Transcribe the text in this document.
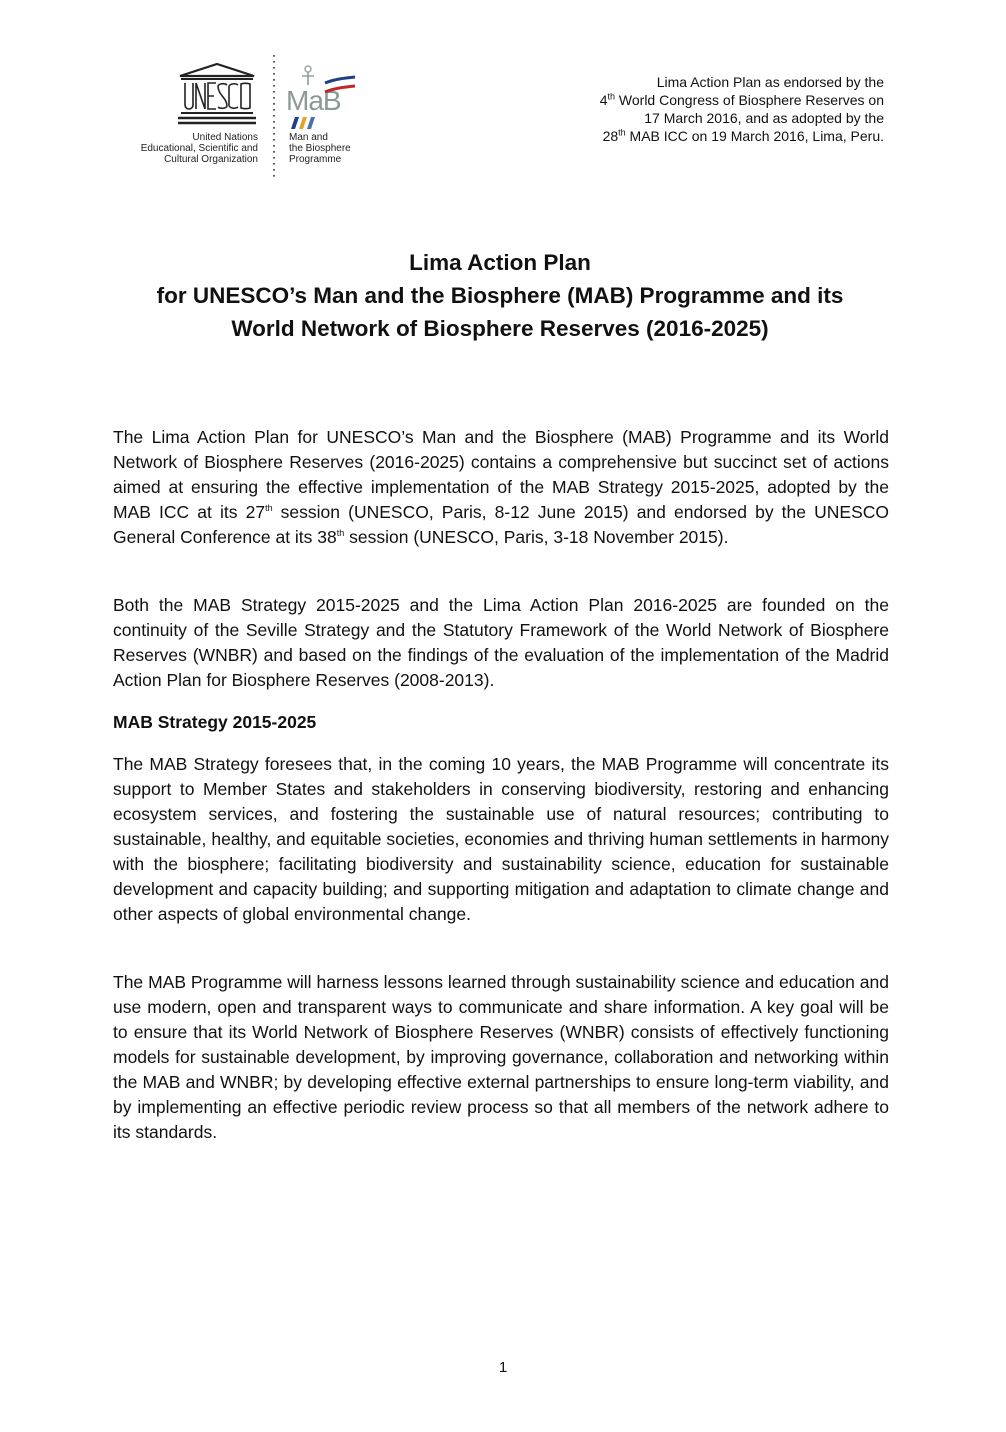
United Nations
Educational, Scientific and
Cultural Organization
MaB
Man and
the Biosphere
Programme
Lima Action Plan as endorsed by the
4th World Congress of Biosphere Reserves on
17 March 2016, and as adopted by the
28th MAB ICC on 19 March 2016, Lima, Peru.
Lima Action Plan
for UNESCO’s Man and the Biosphere (MAB) Programme and its
World Network of Biosphere Reserves (2016-2025)

The Lima Action Plan for UNESCO’s Man and the Biosphere (MAB) Programme and its World Network of Biosphere Reserves (2016-2025) contains a comprehensive but succinct set of actions aimed at ensuring the effective implementation of the MAB Strategy 2015-2025, adopted by the MAB ICC at its 27th session (UNESCO, Paris, 8-12 June 2015) and endorsed by the UNESCO General Conference at its 38th session (UNESCO, Paris, 3-18 November 2015).

Both the MAB Strategy 2015-2025 and the Lima Action Plan 2016-2025 are founded on the continuity of the Seville Strategy and the Statutory Framework of the World Network of Biosphere Reserves (WNBR) and based on the findings of the evaluation of the implementation of the Madrid Action Plan for Biosphere Reserves (2008-2013).

MAB Strategy 2015-2025

The MAB Strategy foresees that, in the coming 10 years, the MAB Programme will concentrate its support to Member States and stakeholders in conserving biodiversity, restoring and enhancing ecosystem services, and fostering the sustainable use of natural resources; contributing to sustainable, healthy, and equitable societies, economies and thriving human settlements in harmony with the biosphere; facilitating biodiversity and sustainability science, education for sustainable development and capacity building; and supporting mitigation and adaptation to climate change and other aspects of global environmental change.

The MAB Programme will harness lessons learned through sustainability science and education and use modern, open and transparent ways to communicate and share information. A key goal will be to ensure that its World Network of Biosphere Reserves (WNBR) consists of effectively functioning models for sustainable development, by improving governance, collaboration and networking within the MAB and WNBR; by developing effective external partnerships to ensure long-term viability, and by implementing an effective periodic review process so that all members of the network adhere to its standards.

1
